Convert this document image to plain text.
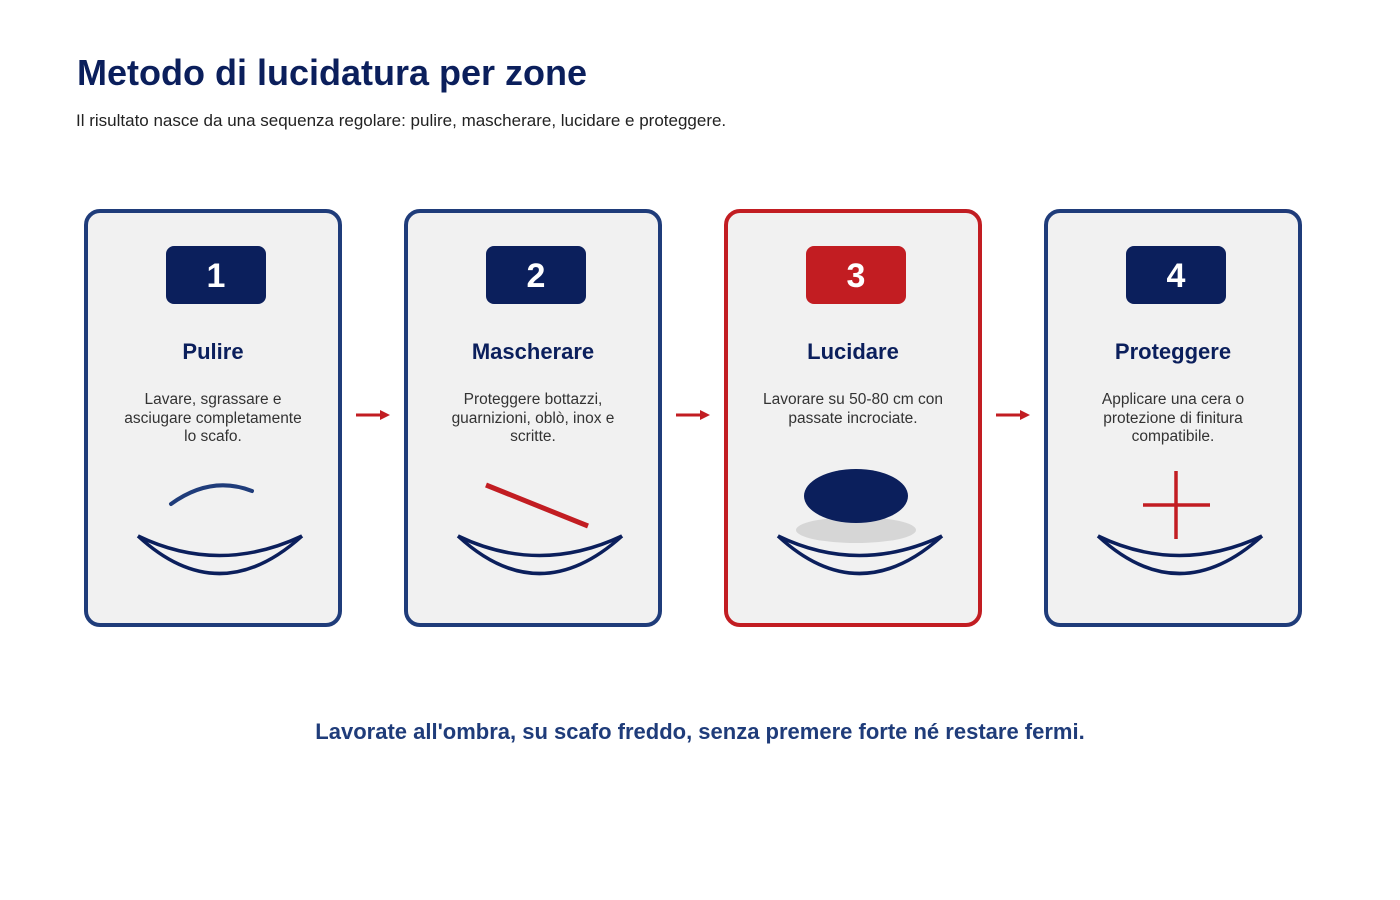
Metodo di lucidatura per zone

Il risultato nasce da una sequenza regolare: pulire, mascherare, lucidare e proteggere.

1
Pulire
Lavare, sgrassare e asciugare completamente lo scafo.
2
Mascherare
Proteggere bottazzi, guarnizioni, oblò, inox e scritte.
3
Lucidare
Lavorare su 50-80 cm con passate incrociate.
4
Proteggere
Applicare una cera o protezione di finitura compatibile.

Lavorate all'ombra, su scafo freddo, senza premere forte né restare fermi.
